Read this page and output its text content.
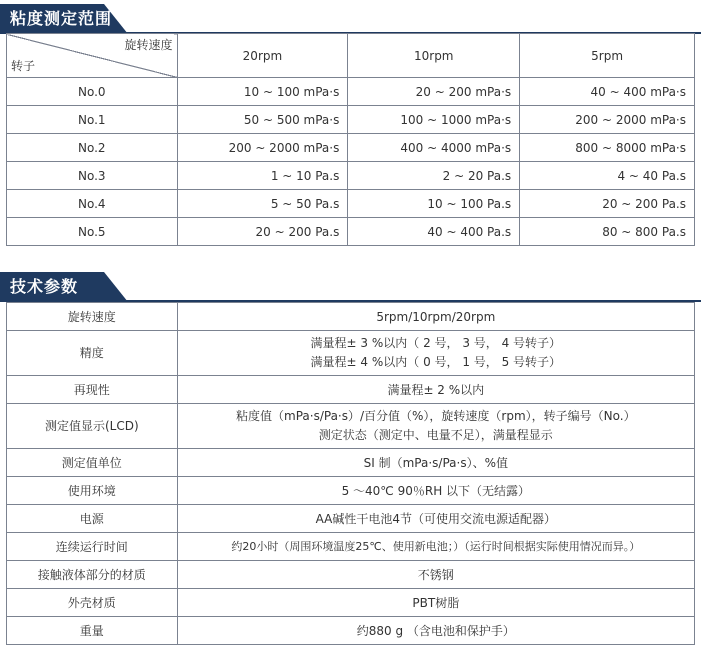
粘度测定范围
旋转速度
转子	20rpm	10rpm	5rpm
No.0	10 ~ 100 mPa·s	20 ~ 200 mPa·s	40 ~ 400 mPa·s
No.1	50 ~ 500 mPa·s	100 ~ 1000 mPa·s	200 ~ 2000 mPa·s
No.2	200 ~ 2000 mPa·s	400 ~ 4000 mPa·s	800 ~ 8000 mPa·s
No.3	1 ~ 10 Pa.s	2 ~ 20 Pa.s	4 ~ 40 Pa.s
No.4	5 ~ 50 Pa.s	10 ~ 100 Pa.s	20 ~ 200 Pa.s
No.5	20 ~ 200 Pa.s	40 ~ 400 Pa.s	80 ~ 800 Pa.s
技术参数
旋转速度	5rpm/10rpm/20rpm
精度	满量程± 3 %以内（ 2 号， 3 号， 4 号转子）
满量程± 4 %以内（ 0 号， 1 号， 5 号转子）

再现性	满量程± 2 %以内
测定值显示(LCD)	粘度值（mPa·s/Pa·s）/百分值（%），旋转速度（rpm），转子编号（No.）
测定状态（测定中、电量不足），满量程显示

测定值单位	SI 制（mPa·s/Pa·s）、%值
使用环境	5 ～40℃ 90％RH 以下（无结露）
电源	AA碱性干电池4节（可使用交流电源适配器）
连续运行时间	约20小时（周围环境温度25℃、使用新电池；）（运行时间根据实际使用情况而异。）
接触液体部分的材质	不锈钢
外壳材质	PBT树脂
重量	约880 g （含电池和保护手）
